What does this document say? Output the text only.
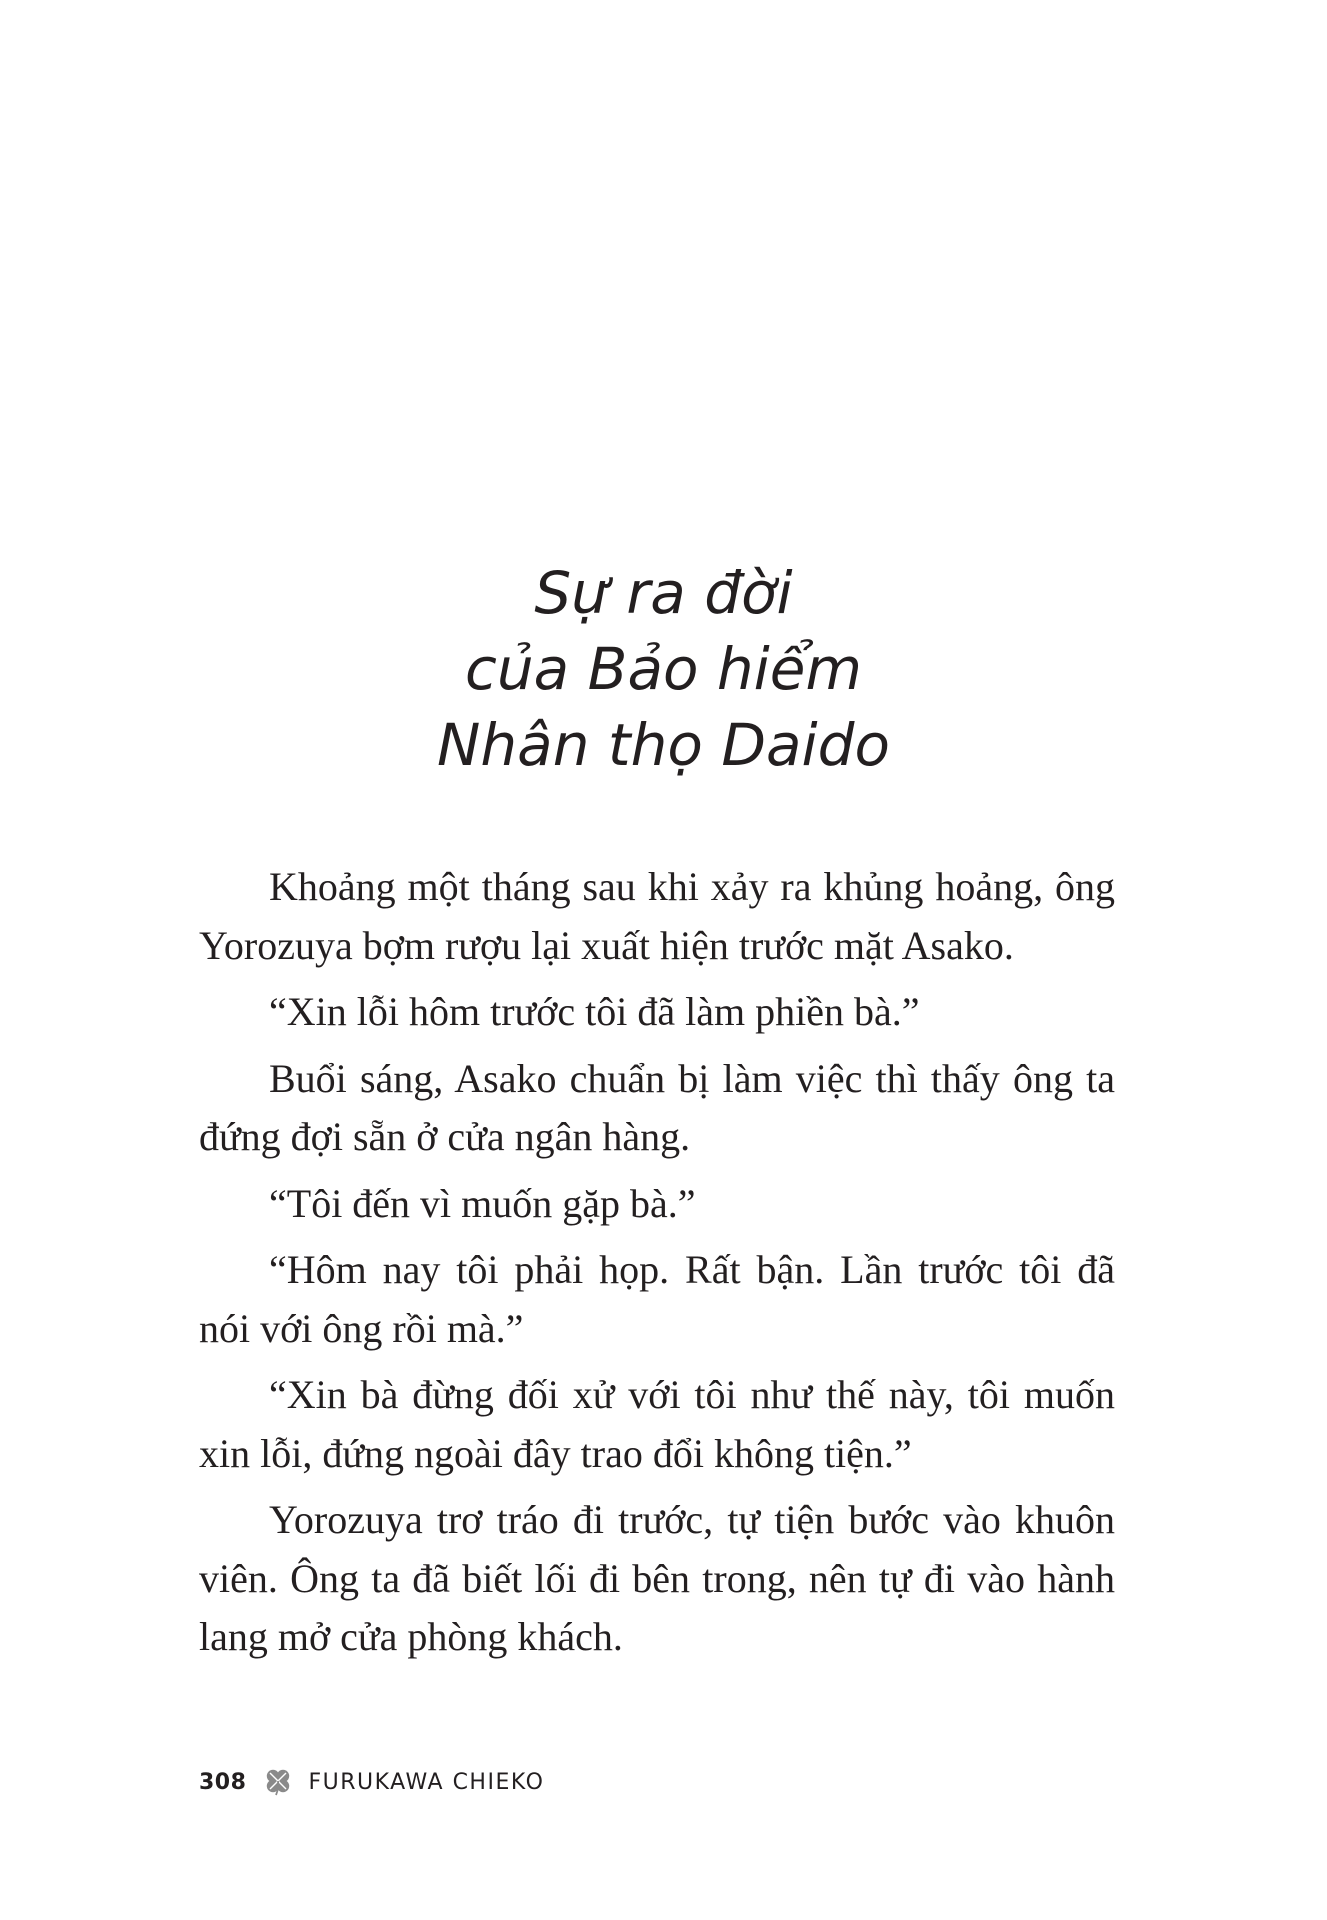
Sự ra đời
của Bảo hiểm
Nhân thọ Daido

Khoảng một tháng sau khi xảy ra khủng hoảng, ông Yorozuya bợm rượu lại xuất hiện trước mặt Asako.

“Xin lỗi hôm trước tôi đã làm phiền bà.”

Buổi sáng, Asako chuẩn bị làm việc thì thấy ông ta đứng đợi sẵn ở cửa ngân hàng.

“Tôi đến vì muốn gặp bà.”

“Hôm nay tôi phải họp. Rất bận. Lần trước tôi đã nói với ông rồi mà.”

“Xin bà đừng đối xử với tôi như thế này, tôi muốn xin lỗi, đứng ngoài đây trao đổi không tiện.”

Yorozuya trơ tráo đi trước, tự tiện bước vào khuôn viên. Ông ta đã biết lối đi bên trong, nên tự đi vào hành lang mở cửa phòng khách.

308	FURUKAWA CHIEKO
